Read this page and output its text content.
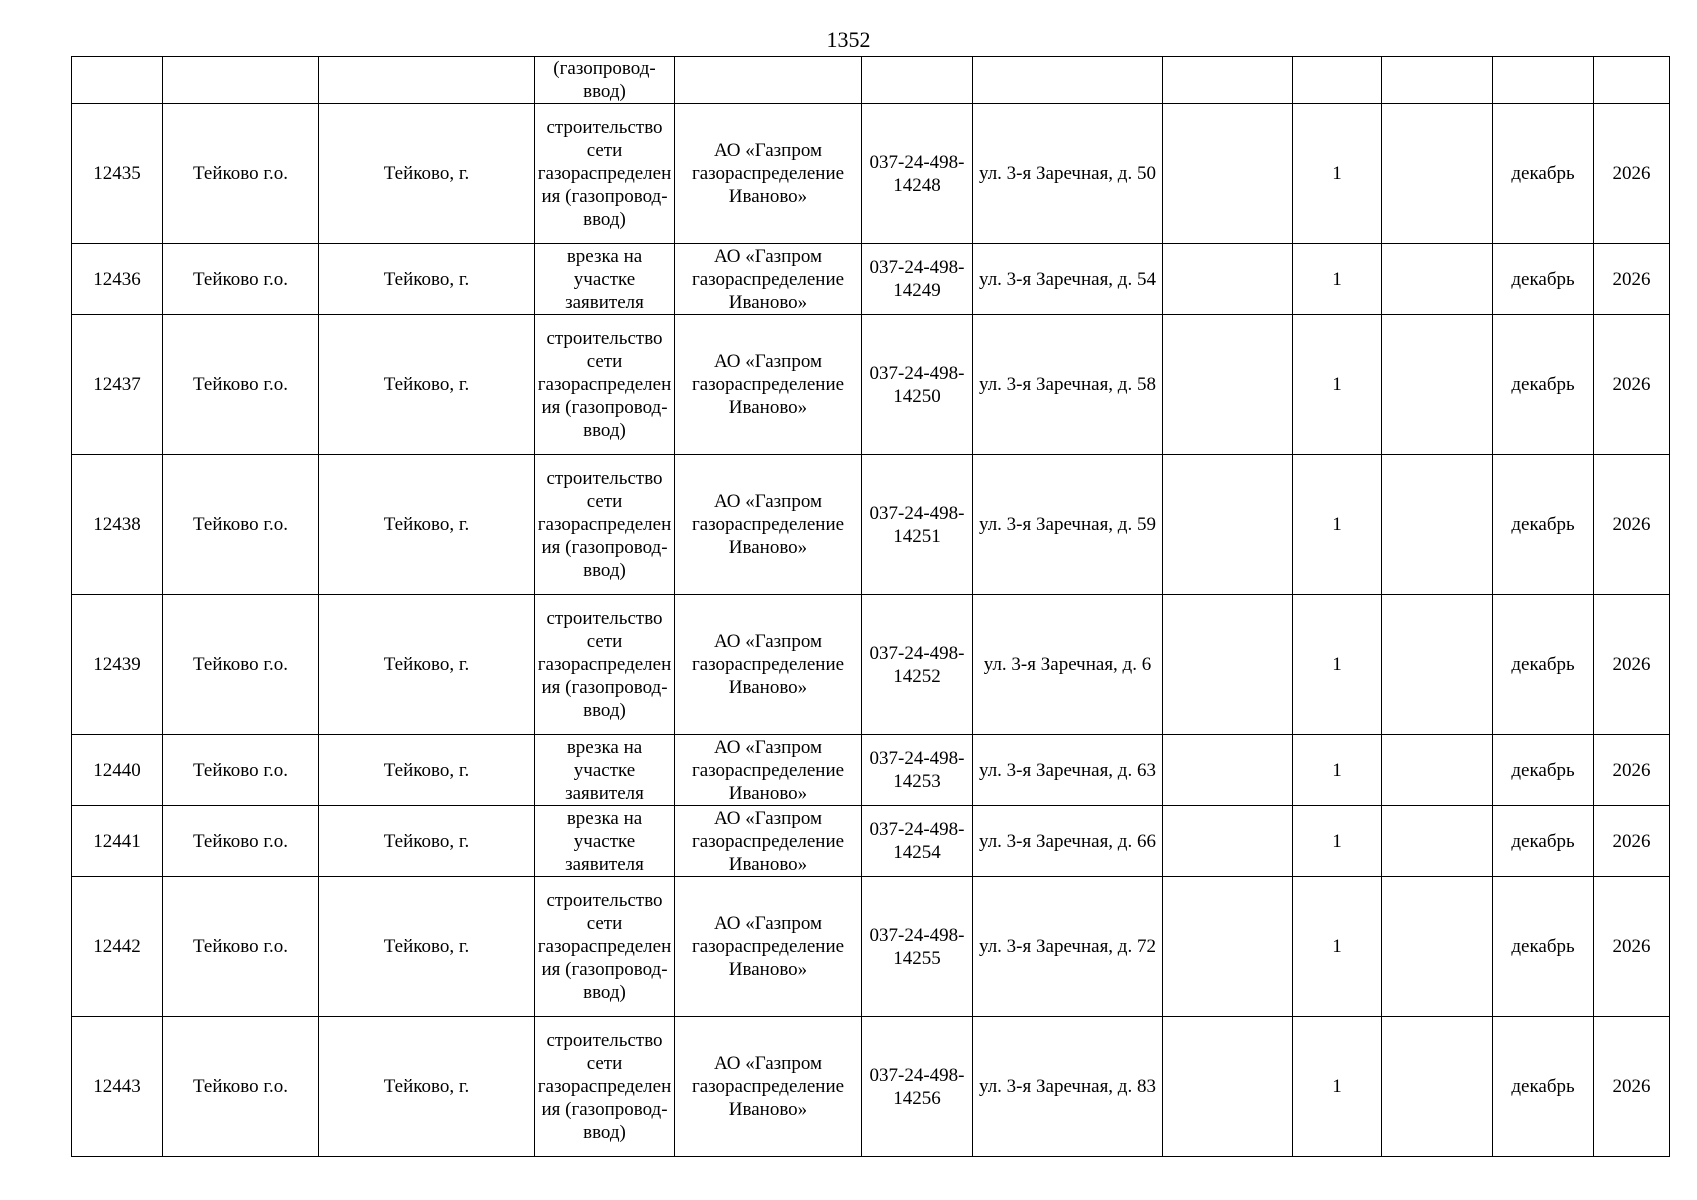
1352
			(газопровод-ввод)								
12435	Тейково г.о.	Тейково, г.	строительство сети газораспределения (газопровод-ввод)	АО «Газпром газораспределение Иваново»	037-24-498-14248	ул. 3-я Заречная, д. 50		1		декабрь	2026
12436	Тейково г.о.	Тейково, г.	врезка на участке заявителя	АО «Газпром газораспределение Иваново»	037-24-498-14249	ул. 3-я Заречная, д. 54		1		декабрь	2026
12437	Тейково г.о.	Тейково, г.	строительство сети газораспределения (газопровод-ввод)	АО «Газпром газораспределение Иваново»	037-24-498-14250	ул. 3-я Заречная, д. 58		1		декабрь	2026
12438	Тейково г.о.	Тейково, г.	строительство сети газораспределения (газопровод-ввод)	АО «Газпром газораспределение Иваново»	037-24-498-14251	ул. 3-я Заречная, д. 59		1		декабрь	2026
12439	Тейково г.о.	Тейково, г.	строительство сети газораспределения (газопровод-ввод)	АО «Газпром газораспределение Иваново»	037-24-498-14252	ул. 3-я Заречная, д. 6		1		декабрь	2026
12440	Тейково г.о.	Тейково, г.	врезка на участке заявителя	АО «Газпром газораспределение Иваново»	037-24-498-14253	ул. 3-я Заречная, д. 63		1		декабрь	2026
12441	Тейково г.о.	Тейково, г.	врезка на участке заявителя	АО «Газпром газораспределение Иваново»	037-24-498-14254	ул. 3-я Заречная, д. 66		1		декабрь	2026
12442	Тейково г.о.	Тейково, г.	строительство сети газораспределения (газопровод-ввод)	АО «Газпром газораспределение Иваново»	037-24-498-14255	ул. 3-я Заречная, д. 72		1		декабрь	2026
12443	Тейково г.о.	Тейково, г.	строительство сети газораспределения (газопровод-ввод)	АО «Газпром газораспределение Иваново»	037-24-498-14256	ул. 3-я Заречная, д. 83		1		декабрь	2026
